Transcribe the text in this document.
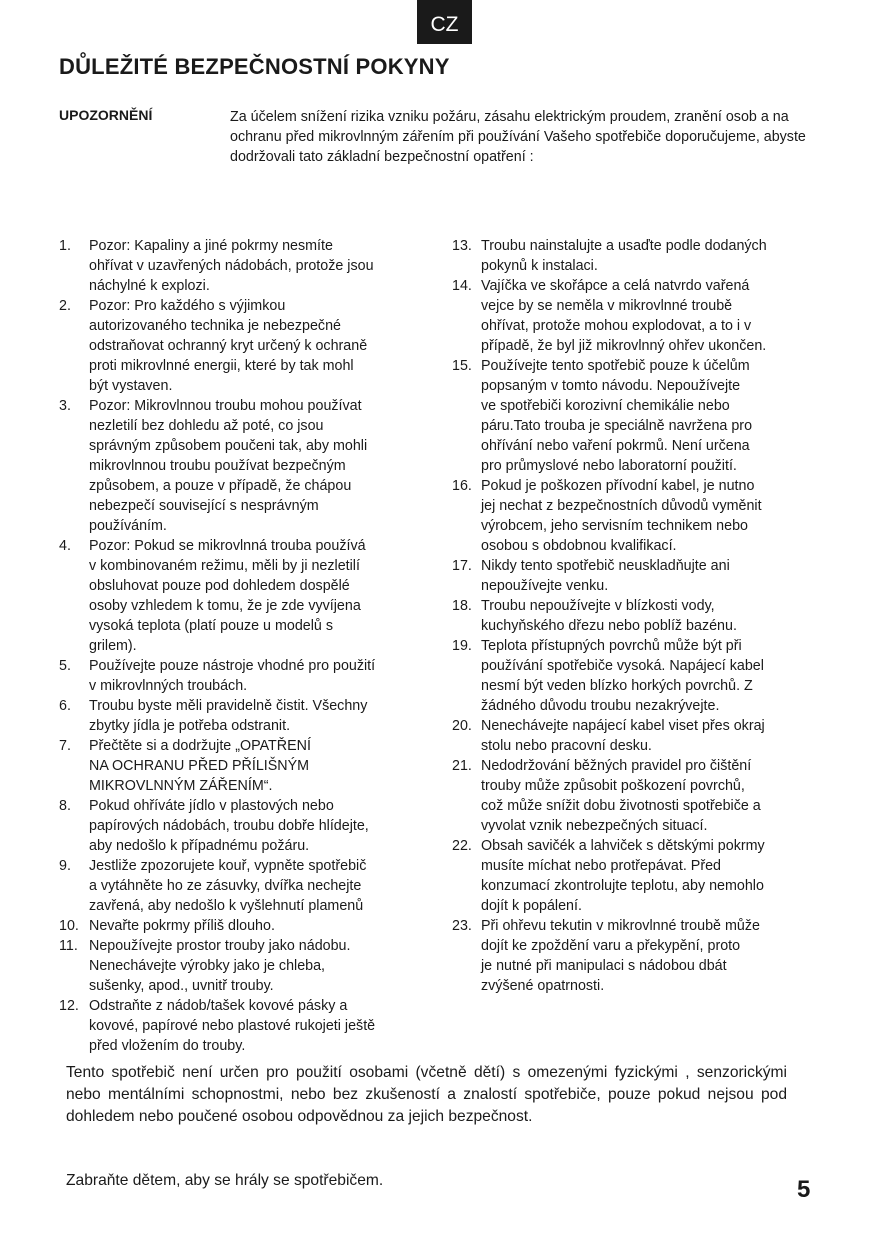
CZ
DŮLEŽITÉ BEZPEČNOSTNÍ POKYNY
UPOZORNĚNÍ	Za účelem snížení rizika vzniku požáru, zásahu elektrickým proudem, zranění osob a na ochranu před mikrovlnným zářením při používání Vašeho spotřebiče doporučujeme, abyste dodržovali tato základní bezpečnostní opatření :
1.	Pozor: Kapaliny a jiné pokrmy nesmíte
ohřívat v uzavřených nádobách, protože jsou
náchylné k explozi.
2.	Pozor: Pro každého s výjimkou
autorizovaného technika je nebezpečné
odstraňovat ochranný kryt určený k ochraně
proti mikrovlnné energii, které by tak mohl
být vystaven.
3.	Pozor: Mikrovlnnou troubu mohou používat
nezletilí bez dohledu až poté, co jsou
správným způsobem poučeni tak, aby mohli
mikrovlnnou troubu používat bezpečným
způsobem, a pouze v případě, že chápou
nebezpečí související s nesprávným
používáním.
4.	Pozor: Pokud se mikrovlnná trouba používá
v kombinovaném režimu, měli by ji nezletilí
obsluhovat pouze pod dohledem dospělé
osoby vzhledem k tomu, že je zde vyvíjena
vysoká teplota (platí pouze u modelů s
grilem).
5.	Používejte pouze nástroje vhodné pro použití
v mikrovlnných troubách.
6.	Troubu byste měli pravidelně čistit. Všechny
zbytky jídla je potřeba odstranit.
7.	Přečtěte si a dodržujte „OPATŘENÍ
NA OCHRANU PŘED PŘÍLIŠNÝM
MIKROVLNNÝM ZÁŘENÍM“.
8.	Pokud ohříváte jídlo v plastových nebo
papírových nádobách, troubu dobře hlídejte,
aby nedošlo k případnému požáru.
9.	Jestliže zpozorujete kouř, vypněte spotřebič
a vytáhněte ho ze zásuvky, dvířka nechejte
zavřená, aby nedošlo k vyšlehnutí plamenů
10. Nevařte pokrmy příliš dlouho.
11. Nepoužívejte prostor trouby jako nádobu.
Nenechávejte výrobky jako je chleba,
sušenky, apod., uvnitř trouby.
12. Odstraňte z nádob/tašek kovové pásky a
kovové, papírové nebo plastové rukojeti ještě
před vložením do trouby.
13. Troubu nainstalujte a usaďte podle dodaných
pokynů k instalaci.
14. Vajíčka ve skořápce a celá natvrdo vařená
vejce by se neměla v mikrovlnné troubě
ohřívat, protože mohou explodovat, a to i v
případě, že byl již mikrovlnný ohřev ukončen.
15. Používejte tento spotřebič pouze k účelům
popsaným v tomto návodu. Nepoužívejte
ve spotřebiči korozivní chemikálie nebo
páru.Tato trouba je speciálně navržena pro
ohřívání nebo vaření pokrmů. Není určena
pro průmyslové nebo laboratorní použití.
16. Pokud je poškozen přívodní kabel, je nutno
jej nechat z bezpečnostních důvodů vyměnit
výrobcem, jeho servisním technikem nebo
osobou s obdobnou kvalifikací.
17. Nikdy tento spotřebič neuskladňujte ani
nepoužívejte venku.
18. Troubu nepoužívejte v blízkosti vody,
kuchyňského dřezu nebo poblíž bazénu.
19. Teplota přístupných povrchů může být při
používání spotřebiče vysoká. Napájecí kabel
nesmí být veden blízko horkých povrchů. Z
žádného důvodu troubu nezakrývejte.
20. Nenechávejte napájecí kabel viset přes okraj
stolu nebo pracovní desku.
21. Nedodržování běžných pravidel pro čištění
trouby může způsobit poškození povrchů,
což může snížit dobu životnosti spotřebiče a
vyvolat vznik nebezpečných situací.
22. Obsah savičék a lahviček s dětskými pokrmy
musíte míchat nebo protřepávat. Před
konzumací zkontrolujte teplotu, aby nemohlo
dojít k popálení.
23. Při ohřevu tekutin v mikrovlnné troubě může
dojít ke zpoždění varu a překypění, proto
je nutné při manipulaci s nádobou dbát
zvýšené opatrnosti.

Tento spotřebič není určen pro použití osobami (včetně dětí) s omezenými fyzickými , senzorickými nebo mentálními schopnostmi, nebo bez zkušeností a znalostí spotřebiče, pouze pokud nejsou pod dohledem nebo poučené osobou odpovědnou za jejich bezpečnost.

Zabraňte dětem, aby se hrály se spotřebičem.	5
